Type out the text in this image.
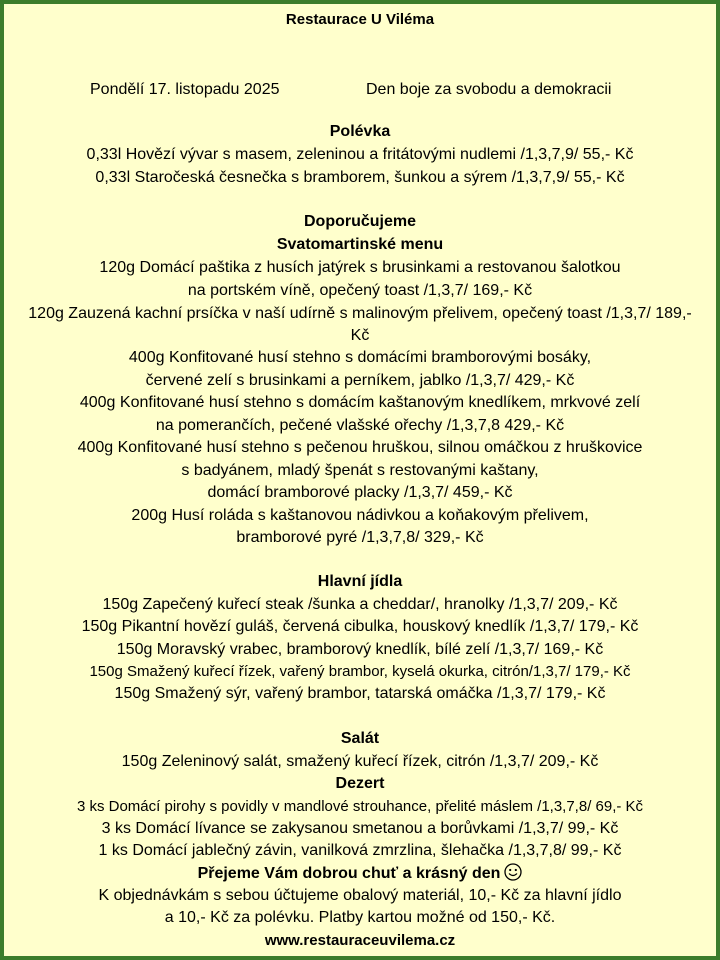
Restaurace U Viléma
Pondělí 17. listopadu 2025	Den boje za svobodu a demokracii
Polévka
0,33l Hovězí vývar s masem, zeleninou a fritátovými nudlemi /1,3,7,9/ 55,- Kč
0,33l Staročeská česnečka s bramborem, šunkou a sýrem /1,3,7,9/ 55,- Kč
Doporučujeme
Svatomartinské menu
120g Domácí paštika z husích jatýrek s brusinkami a restovanou šalotkou
na portském víně, opečený toast /1,3,7/ 169,- Kč
120g Zauzená kachní prsíčka v naší udírně s malinovým přelivem, opečený toast /1,3,7/ 189,-
Kč
400g Konfitované husí stehno s domácími bramborovými bosáky,
červené zelí s brusinkami a perníkem, jablko /1,3,7/ 429,- Kč
400g Konfitované husí stehno s domácím kaštanovým knedlíkem, mrkvové zelí
na pomerančích, pečené vlašské ořechy /1,3,7,8 429,- Kč
400g Konfitované husí stehno s pečenou hruškou, silnou omáčkou z hruškovice
s badyánem, mladý špenát s restovanými kaštany,
domácí bramborové placky /1,3,7/ 459,- Kč
200g Husí roláda s kaštanovou nádivkou a koňakovým přelivem,
bramborové pyré /1,3,7,8/ 329,- Kč
Hlavní jídla
150g Zapečený kuřecí steak /šunka a cheddar/, hranolky /1,3,7/ 209,- Kč
150g Pikantní hovězí guláš, červená cibulka, houskový knedlík /1,3,7/ 179,- Kč
150g Moravský vrabec, bramborový knedlík, bílé zelí /1,3,7/ 169,- Kč
150g Smažený kuřecí řízek, vařený brambor, kyselá okurka, citrón/1,3,7/ 179,- Kč
150g Smažený sýr, vařený brambor, tatarská omáčka /1,3,7/ 179,- Kč
Salát
150g Zeleninový salát, smažený kuřecí řízek, citrón /1,3,7/ 209,- Kč
Dezert
3 ks Domácí pirohy s povidly v mandlové strouhance, přelité máslem /1,3,7,8/ 69,- Kč
3 ks Domácí lívance se zakysanou smetanou a borůvkami /1,3,7/ 99,- Kč
1 ks Domácí jablečný závin, vanilková zmrzlina, šlehačka /1,3,7,8/ 99,- Kč
Přejeme Vám dobrou chuť a krásný den
K objednávkám s sebou účtujeme obalový materiál, 10,- Kč za hlavní jídlo
a 10,- Kč za polévku. Platby kartou možné od 150,- Kč.
www.restauraceuvilema.cz
